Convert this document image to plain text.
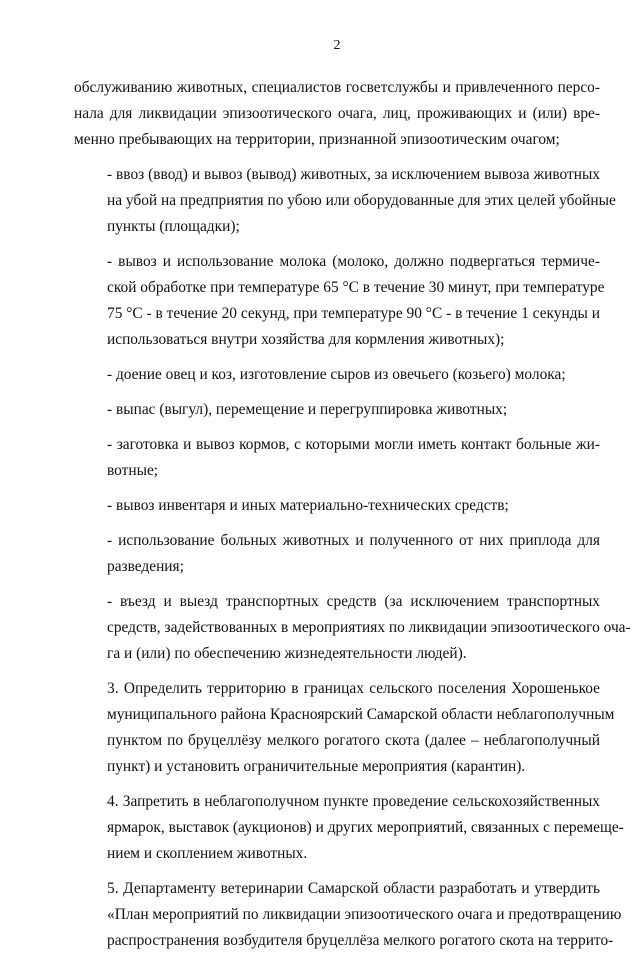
2
обслуживанию животных, специалистов госветслужбы и привлеченного персо-
нала для ликвидации эпизоотического очага, лиц, проживающих и (или) вре-
менно пребывающих на территории, признанной эпизоотическим очагом;
- ввоз (ввод) и вывоз (вывод) животных, за исключением вывоза животных
на убой на предприятия по убою или оборудованные для этих целей убойные
пункты (площадки);
- вывоз и использование молока (молоко, должно подвергаться термиче-
ской обработке при температуре 65 °С в течение 30 минут, при температуре
75 °С - в течение 20 секунд, при температуре 90 °С - в течение 1 секунды и
использоваться внутри хозяйства для кормления животных);
- доение овец и коз, изготовление сыров из овечьего (козьего) молока;
- выпас (выгул), перемещение и перегруппировка животных;
- заготовка и вывоз кормов, с которыми могли иметь контакт больные жи-
вотные;
- вывоз инвентаря и иных материально-технических средств;
- использование больных животных и полученного от них приплода для
разведения;
- въезд и выезд транспортных средств (за исключением транспортных
средств, задействованных в мероприятиях по ликвидации эпизоотического оча-
га и (или) по обеспечению жизнедеятельности людей).
3. Определить территорию в границах сельского поселения Хорошенькое
муниципального района Красноярский Самарской области неблагополучным
пунктом по бруцеллёзу мелкого рогатого скота (далее – неблагополучный
пункт) и установить ограничительные мероприятия (карантин).
4. Запретить в неблагополучном пункте проведение сельскохозяйственных
ярмарок, выставок (аукционов) и других мероприятий, связанных с перемеще-
нием и скоплением животных.
5. Департаменту ветеринарии Самарской области разработать и утвердить
«План мероприятий по ликвидации эпизоотического очага и предотвращению
распространения возбудителя бруцеллёза мелкого рогатого скота на террито-
